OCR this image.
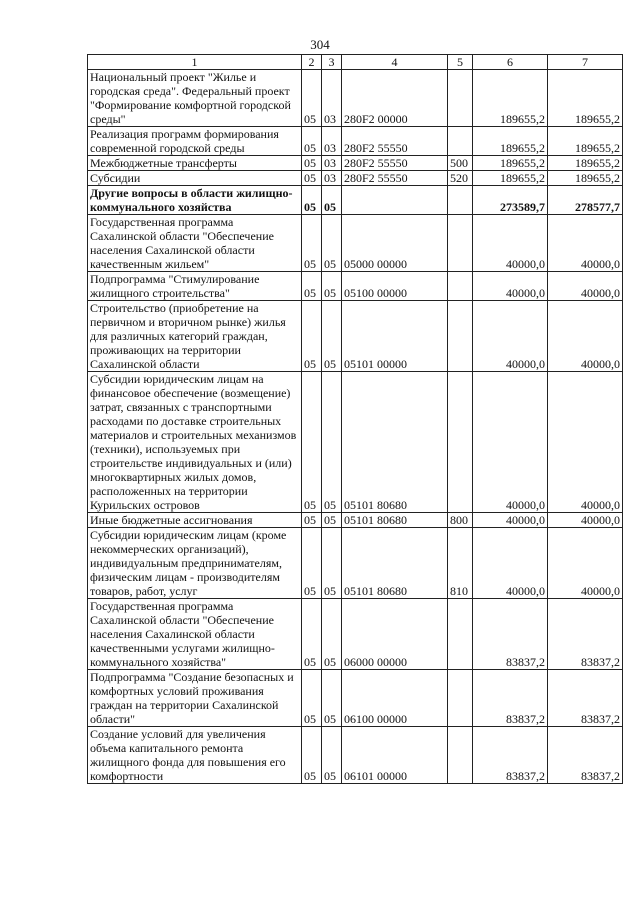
304
1	2	3	4	5	6	7
Национальный проект "Жилье и городская среда". Федеральный проект "Формирование комфортной городской среды"	05	03	280F2 00000		189655,2	189655,2
Реализация программ формирования современной городской среды	05	03	280F2 55550		189655,2	189655,2
Межбюджетные трансферты	05	03	280F2 55550	500	189655,2	189655,2
Субсидии	05	03	280F2 55550	520	189655,2	189655,2
Другие вопросы в области жилищно-коммунального хозяйства	05	05			273589,7	278577,7
Государственная программа Сахалинской области "Обеспечение населения Сахалинской области качественным жильем"	05	05	05000 00000		40000,0	40000,0
Подпрограмма "Стимулирование жилищного строительства"	05	05	05100 00000		40000,0	40000,0
Строительство (приобретение на первичном и вторичном рынке) жилья для различных категорий граждан, проживающих на территории Сахалинской области	05	05	05101 00000		40000,0	40000,0
Субсидии юридическим лицам на финансовое обеспечение (возмещение) затрат, связанных с транспортными расходами по доставке строительных материалов и строительных механизмов (техники), используемых при строительстве индивидуальных и (или) многоквартирных жилых домов, расположенных на территории Курильских островов	05	05	05101 80680		40000,0	40000,0
Иные бюджетные ассигнования	05	05	05101 80680	800	40000,0	40000,0
Субсидии юридическим лицам (кроме некоммерческих организаций), индивидуальным предпринимателям, физическим лицам - производителям товаров, работ, услуг	05	05	05101 80680	810	40000,0	40000,0
Государственная программа Сахалинской области "Обеспечение населения Сахалинской области качественными услугами жилищно-коммунального хозяйства"	05	05	06000 00000		83837,2	83837,2
Подпрограмма "Создание безопасных и комфортных условий проживания граждан на территории Сахалинской области"	05	05	06100 00000		83837,2	83837,2
Создание условий для увеличения объема капитального ремонта жилищного фонда для повышения его комфортности	05	05	06101 00000		83837,2	83837,2
